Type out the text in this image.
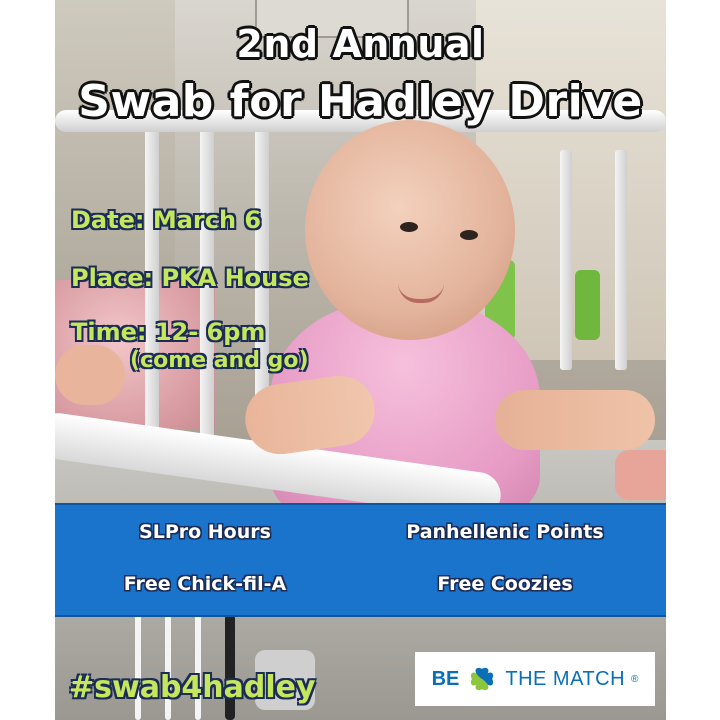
2nd Annual
Swab for Hadley Drive
Date: March 6
Place: PKA House
Time: 12- 6pm
(come and go)
SLPro Hours	Panhellenic Points
Free Chick-fil-A	Free Coozies
#swab4hadley	BE THE MATCH ®
